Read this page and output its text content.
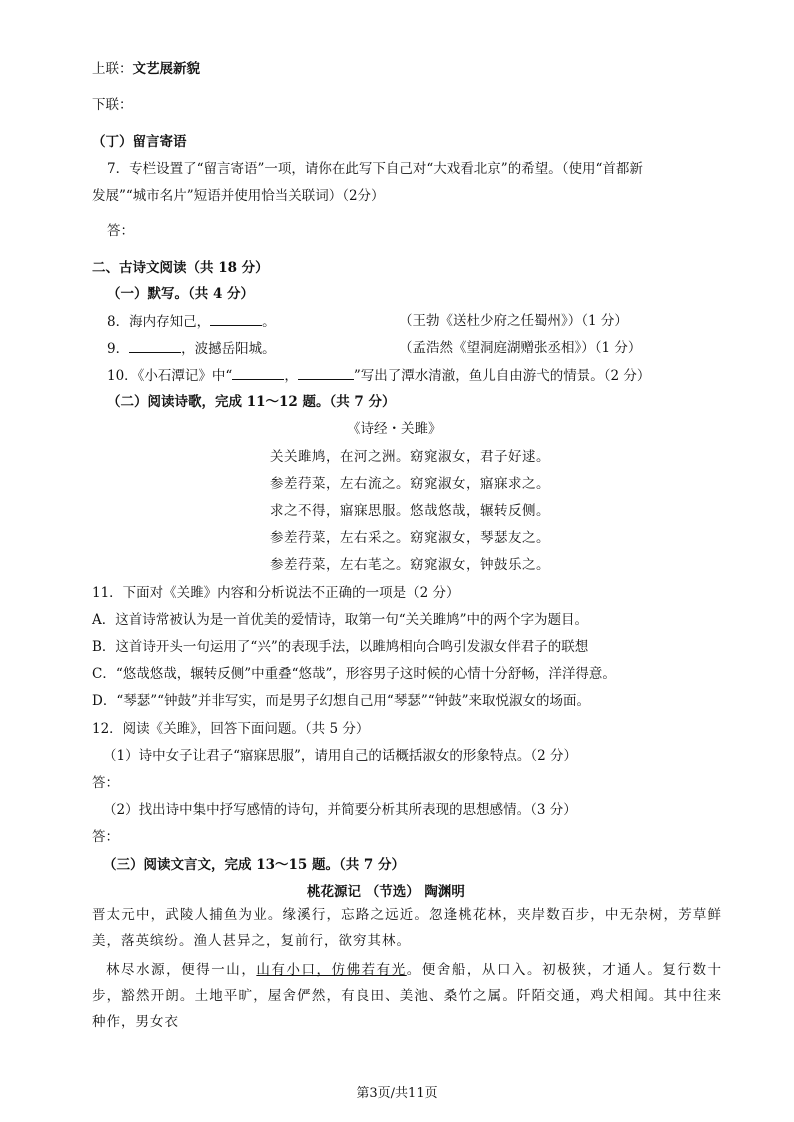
上联：文艺展新貌
下联：
（丁）留言寄语
7．专栏设置了“留言寄语”一项，请你在此写下自己对“大戏看北京”的希望。（使用“首都新
发展”“城市名片”短语并使用恰当关联词）（2分）
答：
二、古诗文阅读（共 18 分）
（一）默写。（共 4 分）
8．海内存知己，	。	（王勃《送杜少府之任蜀州》）（1 分）
9．	，波撼岳阳城。	（孟浩然《望洞庭湖赠张丞相》）（1 分）
10．《小石潭记》中“	，	”写出了潭水清澈，鱼儿自由游弋的情景。（2 分）
（二）阅读诗歌，完成 11～12 题。（共 7 分）
《诗经・关雎》
关关雎鸠，在河之洲。窈窕淑女，君子好逑。
参差荇菜，左右流之。窈窕淑女，寤寐求之。
求之不得，寤寐思服。悠哉悠哉，辗转反侧。
参差荇菜，左右采之。窈窕淑女，琴瑟友之。
参差荇菜，左右芼之。窈窕淑女，钟鼓乐之。
11．下面对《关雎》内容和分析说法不正确的一项是（2 分）
A．这首诗常被认为是一首优美的爱情诗，取第一句“关关雎鸠”中的两个字为题目。
B．这首诗开头一句运用了“兴”的表现手法，以雎鸠相向合鸣引发淑女伴君子的联想
C．“悠哉悠哉，辗转反侧”中重叠“悠哉”，形容男子这时候的心情十分舒畅，洋洋得意。
D．“琴瑟”“钟鼓”并非写实，而是男子幻想自己用“琴瑟”“钟鼓”来取悦淑女的场面。
12．阅读《关雎》，回答下面问题。（共 5 分）
（1）诗中女子让君子“寤寐思服”，请用自己的话概括淑女的形象特点。（2 分）
答：
（2）找出诗中集中抒写感情的诗句，并简要分析其所表现的思想感情。（3 分）
答：
（三）阅读文言文，完成 13～15 题。（共 7 分）
桃花源记 （节选） 陶渊明
晋太元中，武陵人捕鱼为业。缘溪行，忘路之远近。忽逢桃花林，夹岸数百步，中无杂树，芳草鲜美，落英缤纷。渔人甚异之，复前行，欲穷其林。
林尽水源，便得一山，山有小口，仿佛若有光。便舍船，从口入。初极狭，才通人。复行数十步，豁然开朗。土地平旷，屋舍俨然，有良田、美池、桑竹之属。阡陌交通，鸡犬相闻。其中往来种作，男女衣
第3页/共11页
